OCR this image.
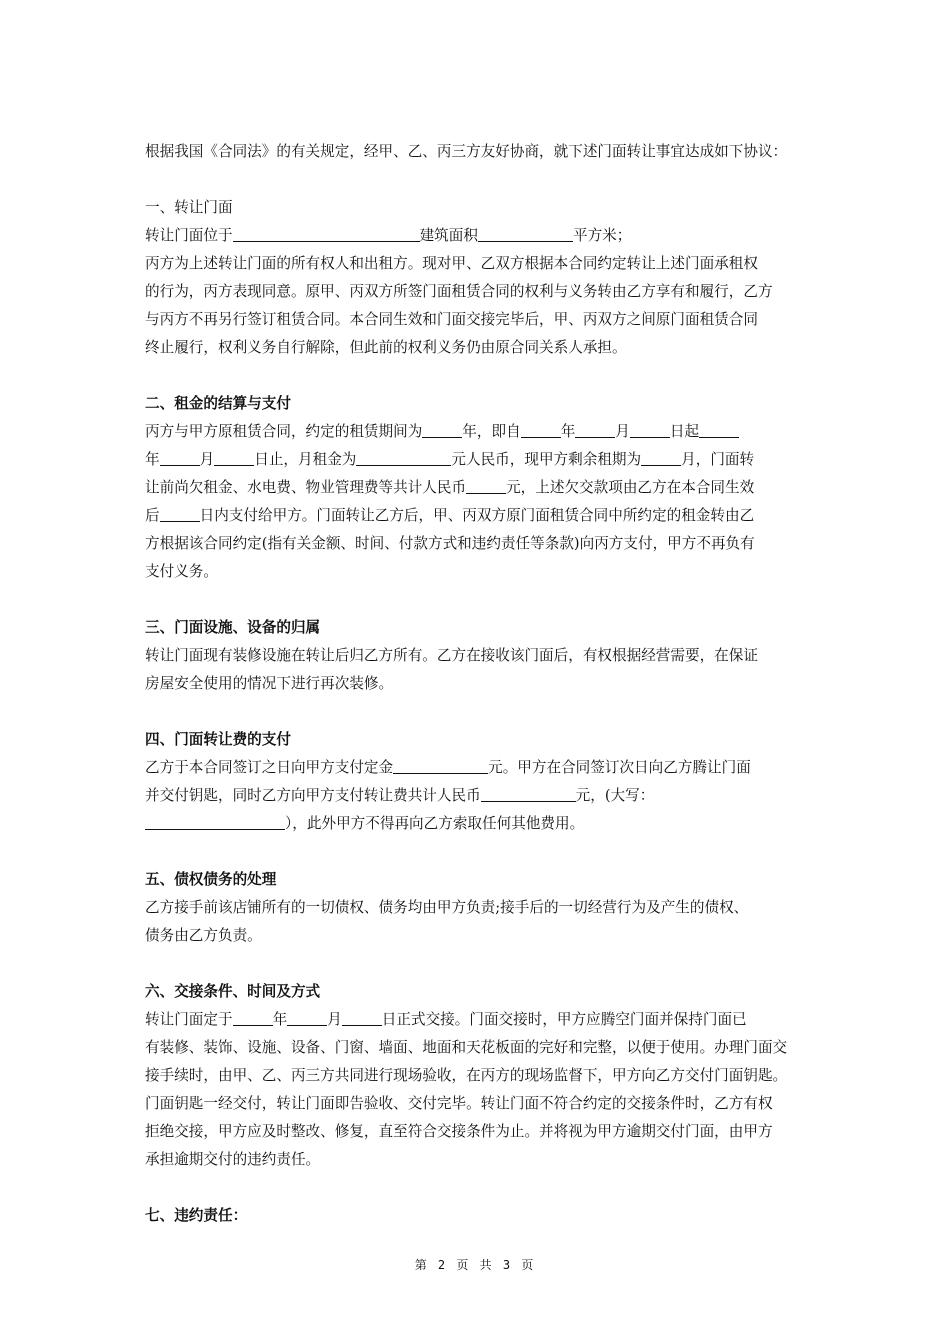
根据我国《合同法》的有关规定，经甲、乙、丙三方友好协商，就下述门面转让事宜达成如下协议：

一、转让门面

转让门面位于	建筑面积	平方米；

丙方为上述转让门面的所有权人和出租方。现对甲、乙双方根据本合同约定转让上述门面承租权

的行为，丙方表现同意。原甲、丙双方所签门面租赁合同的权利与义务转由乙方享有和履行，乙方

与丙方不再另行签订租赁合同。本合同生效和门面交接完毕后，甲、丙双方之间原门面租赁合同

终止履行，权利义务自行解除，但此前的权利义务仍由原合同关系人承担。

二、租金的结算与支付

丙方与甲方原租赁合同，约定的租赁期间为	年，即自	年	月	日起

年	月	日止，月租金为	元人民币，现甲方剩余租期为	月，门面转

让前尚欠租金、水电费、物业管理费等共计人民币	元，上述欠交款项由乙方在本合同生效

后	日内支付给甲方。门面转让乙方后，甲、丙双方原门面租赁合同中所约定的租金转由乙

方根据该合同约定(指有关金额、时间、付款方式和违约责任等条款)向丙方支付，甲方不再负有

支付义务。

三、门面设施、设备的归属

转让门面现有装修设施在转让后归乙方所有。乙方在接收该门面后，有权根据经营需要，在保证

房屋安全使用的情况下进行再次装修。

四、门面转让费的支付

乙方于本合同签订之日向甲方支付定金	元。甲方在合同签订次日向乙方腾让门面

并交付钥匙，同时乙方向甲方支付转让费共计人民币	元，(大写：

），此外甲方不得再向乙方索取任何其他费用。

五、债权债务的处理

乙方接手前该店铺所有的一切债权、债务均由甲方负责;接手后的一切经营行为及产生的债权、

债务由乙方负责。

六、交接条件、时间及方式

转让门面定于	年	月	日正式交接。门面交接时，甲方应腾空门面并保持门面已

有装修、装饰、设施、设备、门窗、墙面、地面和天花板面的完好和完整，以便于使用。办理门面交

接手续时，由甲、乙、丙三方共同进行现场验收，在丙方的现场监督下，甲方向乙方交付门面钥匙。

门面钥匙一经交付，转让门面即告验收、交付完毕。转让门面不符合约定的交接条件时，乙方有权

拒绝交接，甲方应及时整改、修复，直至符合交接条件为止。并将视为甲方逾期交付门面，由甲方

承担逾期交付的违约责任。

七、违约责任：

第 2 页 共 3 页
